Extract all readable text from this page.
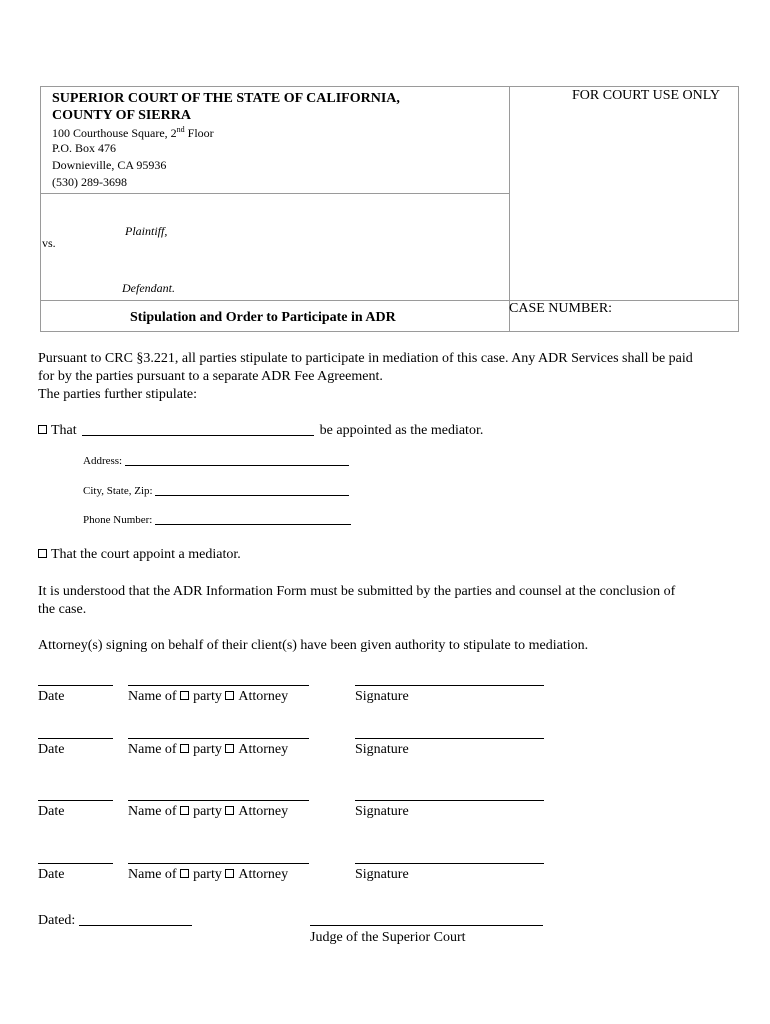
SUPERIOR COURT OF THE STATE OF CALIFORNIA,
COUNTY OF SIERRA
100 Courthouse Square, 2nd Floor
P.O. Box 476
Downieville, CA 95936
(530) 289-3698
FOR COURT USE ONLY
Plaintiff,
vs.
Defendant.
Stipulation and Order to Participate in ADR
CASE NUMBER:
Pursuant to CRC §3.221, all parties stipulate to participate in mediation of this case. Any ADR Services shall be paid
for by the parties pursuant to a separate ADR Fee Agreement.
The parties further stipulate:
That	be appointed as the mediator.
Address:
City, State, Zip:
Phone Number:
That the court appoint a mediator.
It is understood that the ADR Information Form must be submitted by the parties and counsel at the conclusion of
the case.
Attorney(s) signing on behalf of their client(s) have been given authority to stipulate to mediation.
Date	Name of party Attorney	Signature
Date	Name of party Attorney	Signature
Date	Name of party Attorney	Signature
Date	Name of party Attorney	Signature
Dated:
Judge of the Superior Court
